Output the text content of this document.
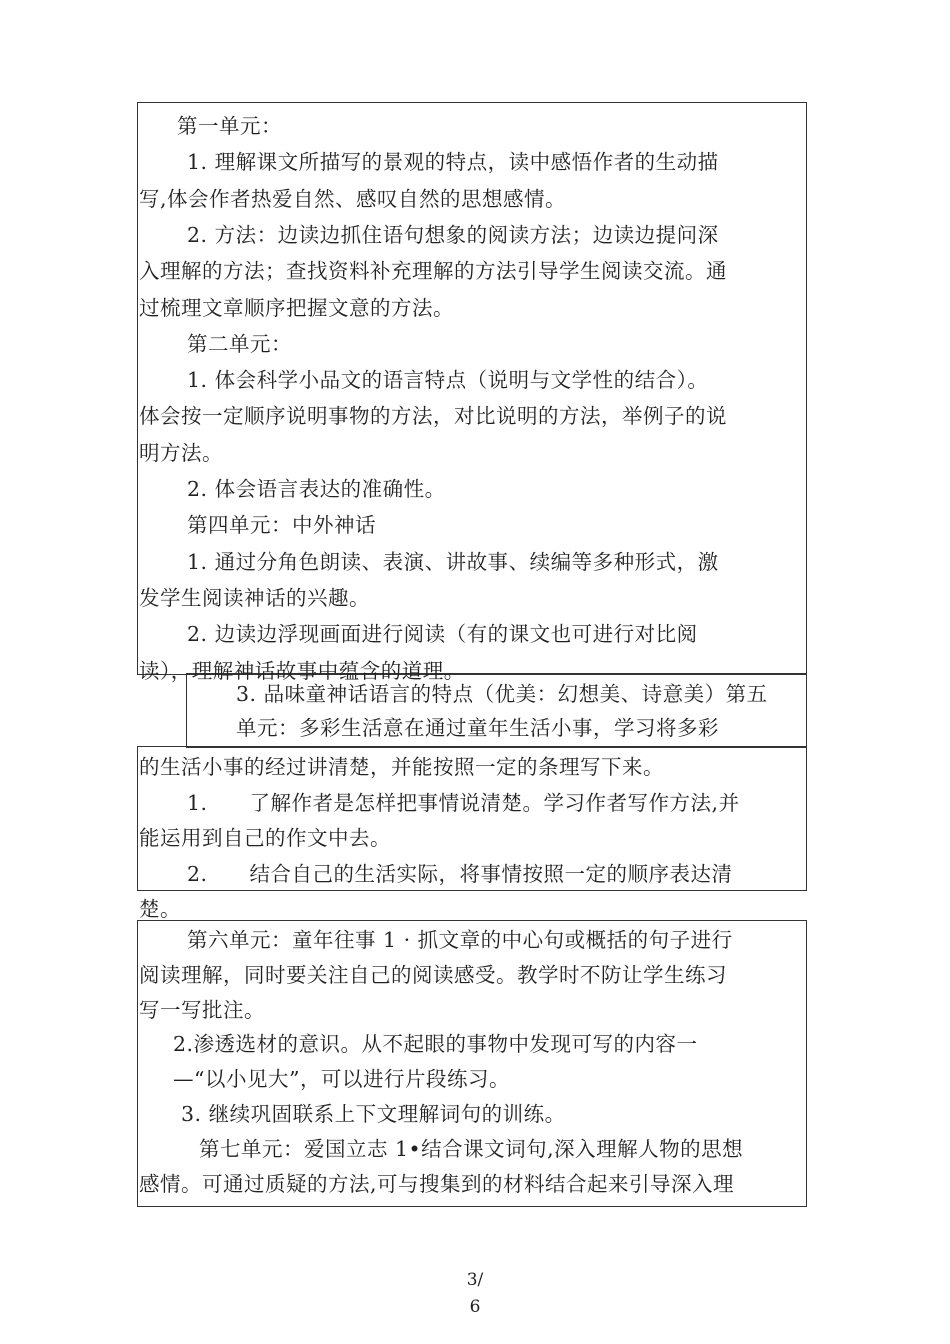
第一单元：
1. 理解课文所描写的景观的特点，读中感悟作者的生动描
写,体会作者热爱自然、感叹自然的思想感情。
2. 方法：边读边抓住语句想象的阅读方法；边读边提问深
入理解的方法；查找资料补充理解的方法引导学生阅读交流。通
过梳理文章顺序把握文意的方法。
第二单元：
1. 体会科学小品文的语言特点（说明与文学性的结合）。
体会按一定顺序说明事物的方法，对比说明的方法，举例子的说
明方法。
2. 体会语言表达的准确性。
第四单元：中外神话
1. 通过分角色朗读、表演、讲故事、续编等多种形式，激
发学生阅读神话的兴趣。
2. 边读边浮现画面进行阅读（有的课文也可进行对比阅
读），理解神话故事中蕴含的道理。
3. 品味童神话语言的特点（优美：幻想美、诗意美）第五
单元：多彩生活意在通过童年生活小事，学习将多彩
的生活小事的经过讲清楚，并能按照一定的条理写下来。
1.　　了解作者是怎样把事情说清楚。学习作者写作方法,并
能运用到自己的作文中去。
2.　　结合自己的生活实际，将事情按照一定的顺序表达清
楚。
第六单元：童年往事 1 · 抓文章的中心句或概括的句子进行
阅读理解，同时要关注自己的阅读感受。教学时不防让学生练习
写一写批注。
2.渗透选材的意识。从不起眼的事物中发现可写的内容一
—“以小见大”，可以进行片段练习。
3. 继续巩固联系上下文理解词句的训练。
第七单元：爱国立志 1•结合课文词句,深入理解人物的思想
感情。可通过质疑的方法,可与搜集到的材料结合起来引导深入理
3/
6
